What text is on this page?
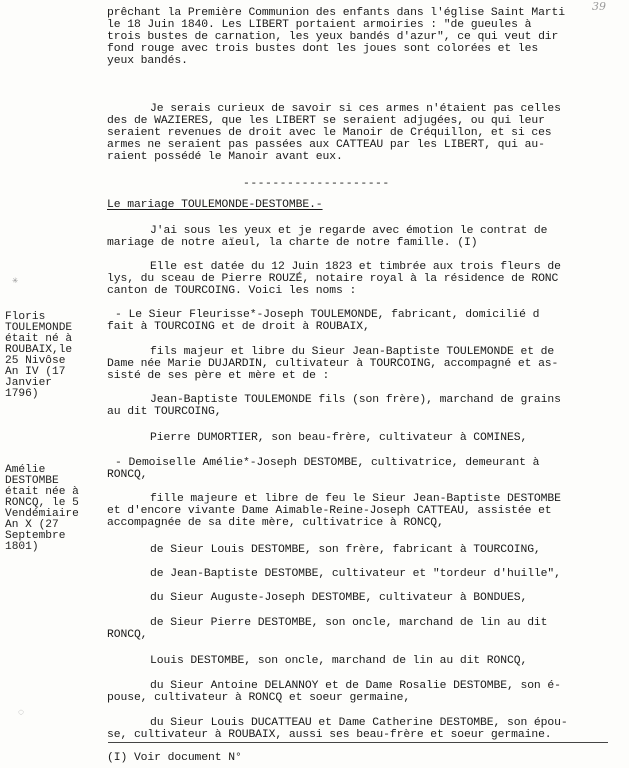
39
prêchant la Première Communion des enfants dans l'église Saint Marti
le 18 Juin 1840. Les LIBERT portaient armoiries : "de gueules à
trois bustes de carnation, les yeux bandés d'azur", ce qui veut dir
fond rouge avec trois bustes dont les joues sont colorées et les
yeux bandés.
Je serais curieux de savoir si ces armes n'étaient pas celles
des de WAZIERES, que les LIBERT se seraient adjugées, ou qui leur
seraient revenues de droit avec le Manoir de Créquillon, et si ces
armes ne seraient pas passées aux CATTEAU par les LIBERT, qui au-
raient possédé le Manoir avant eux.
--------------------
Le mariage TOULEMONDE-DESTOMBE.-
J'ai sous les yeux et je regarde avec émotion le contrat de
mariage de notre aïeul, la charte de notre famille. (I)
Elle est datée du 12 Juin 1823 et timbrée aux trois fleurs de
lys, du sceau de Pierre ROUZÉ, notaire royal à la résidence de RONC
canton de TOURCOING. Voici les noms :
- Le Sieur Fleurisse*-Joseph TOULEMONDE, fabricant, domicilié d
fait à TOURCOING et de droit à ROUBAIX,
fils majeur et libre du Sieur Jean-Baptiste TOULEMONDE et de
Dame née Marie DUJARDIN, cultivateur à TOURCOING, accompagné et as-
sisté de ses père et mère et de :
Jean-Baptiste TOULEMONDE fils (son frère), marchand de grains
au dit TOURCOING,
Pierre DUMORTIER, son beau-frère, cultivateur à COMINES,
- Demoiselle Amélie*-Joseph DESTOMBE, cultivatrice, demeurant à
RONCQ,
fille majeure et libre de feu le Sieur Jean-Baptiste DESTOMBE
et d'encore vivante Dame Aimable-Reine-Joseph CATTEAU, assistée et
accompagnée de sa dite mère, cultivatrice à RONCQ,
de Sieur Louis DESTOMBE, son frère, fabricant à TOURCOING,
de Jean-Baptiste DESTOMBE, cultivateur et "tordeur d'huille",
du Sieur Auguste-Joseph DESTOMBE, cultivateur à BONDUES,
de Sieur Pierre DESTOMBE, son oncle, marchand de lin au dit
RONCQ,
Louis DESTOMBE, son oncle, marchand de lin au dit RONCQ,
du Sieur Antoine DELANNOY et de Dame Rosalie DESTOMBE, son é-
pouse, cultivateur à RONCQ et soeur germaine,
du Sieur Louis DUCATTEAU et Dame Catherine DESTOMBE, son épou-
se, cultivateur à ROUBAIX, aussi ses beau-frère et soeur germaine.
(I) Voir document N°
Floris
TOULEMONDE
était né à
ROUBAIX,le
25 Nivôse
An IV (17
Janvier
1796)
Amélie
DESTOMBE
était née à
RONCQ, le 5
Vendémiaire
An X (27
Septembre
1801)
✳
◌
